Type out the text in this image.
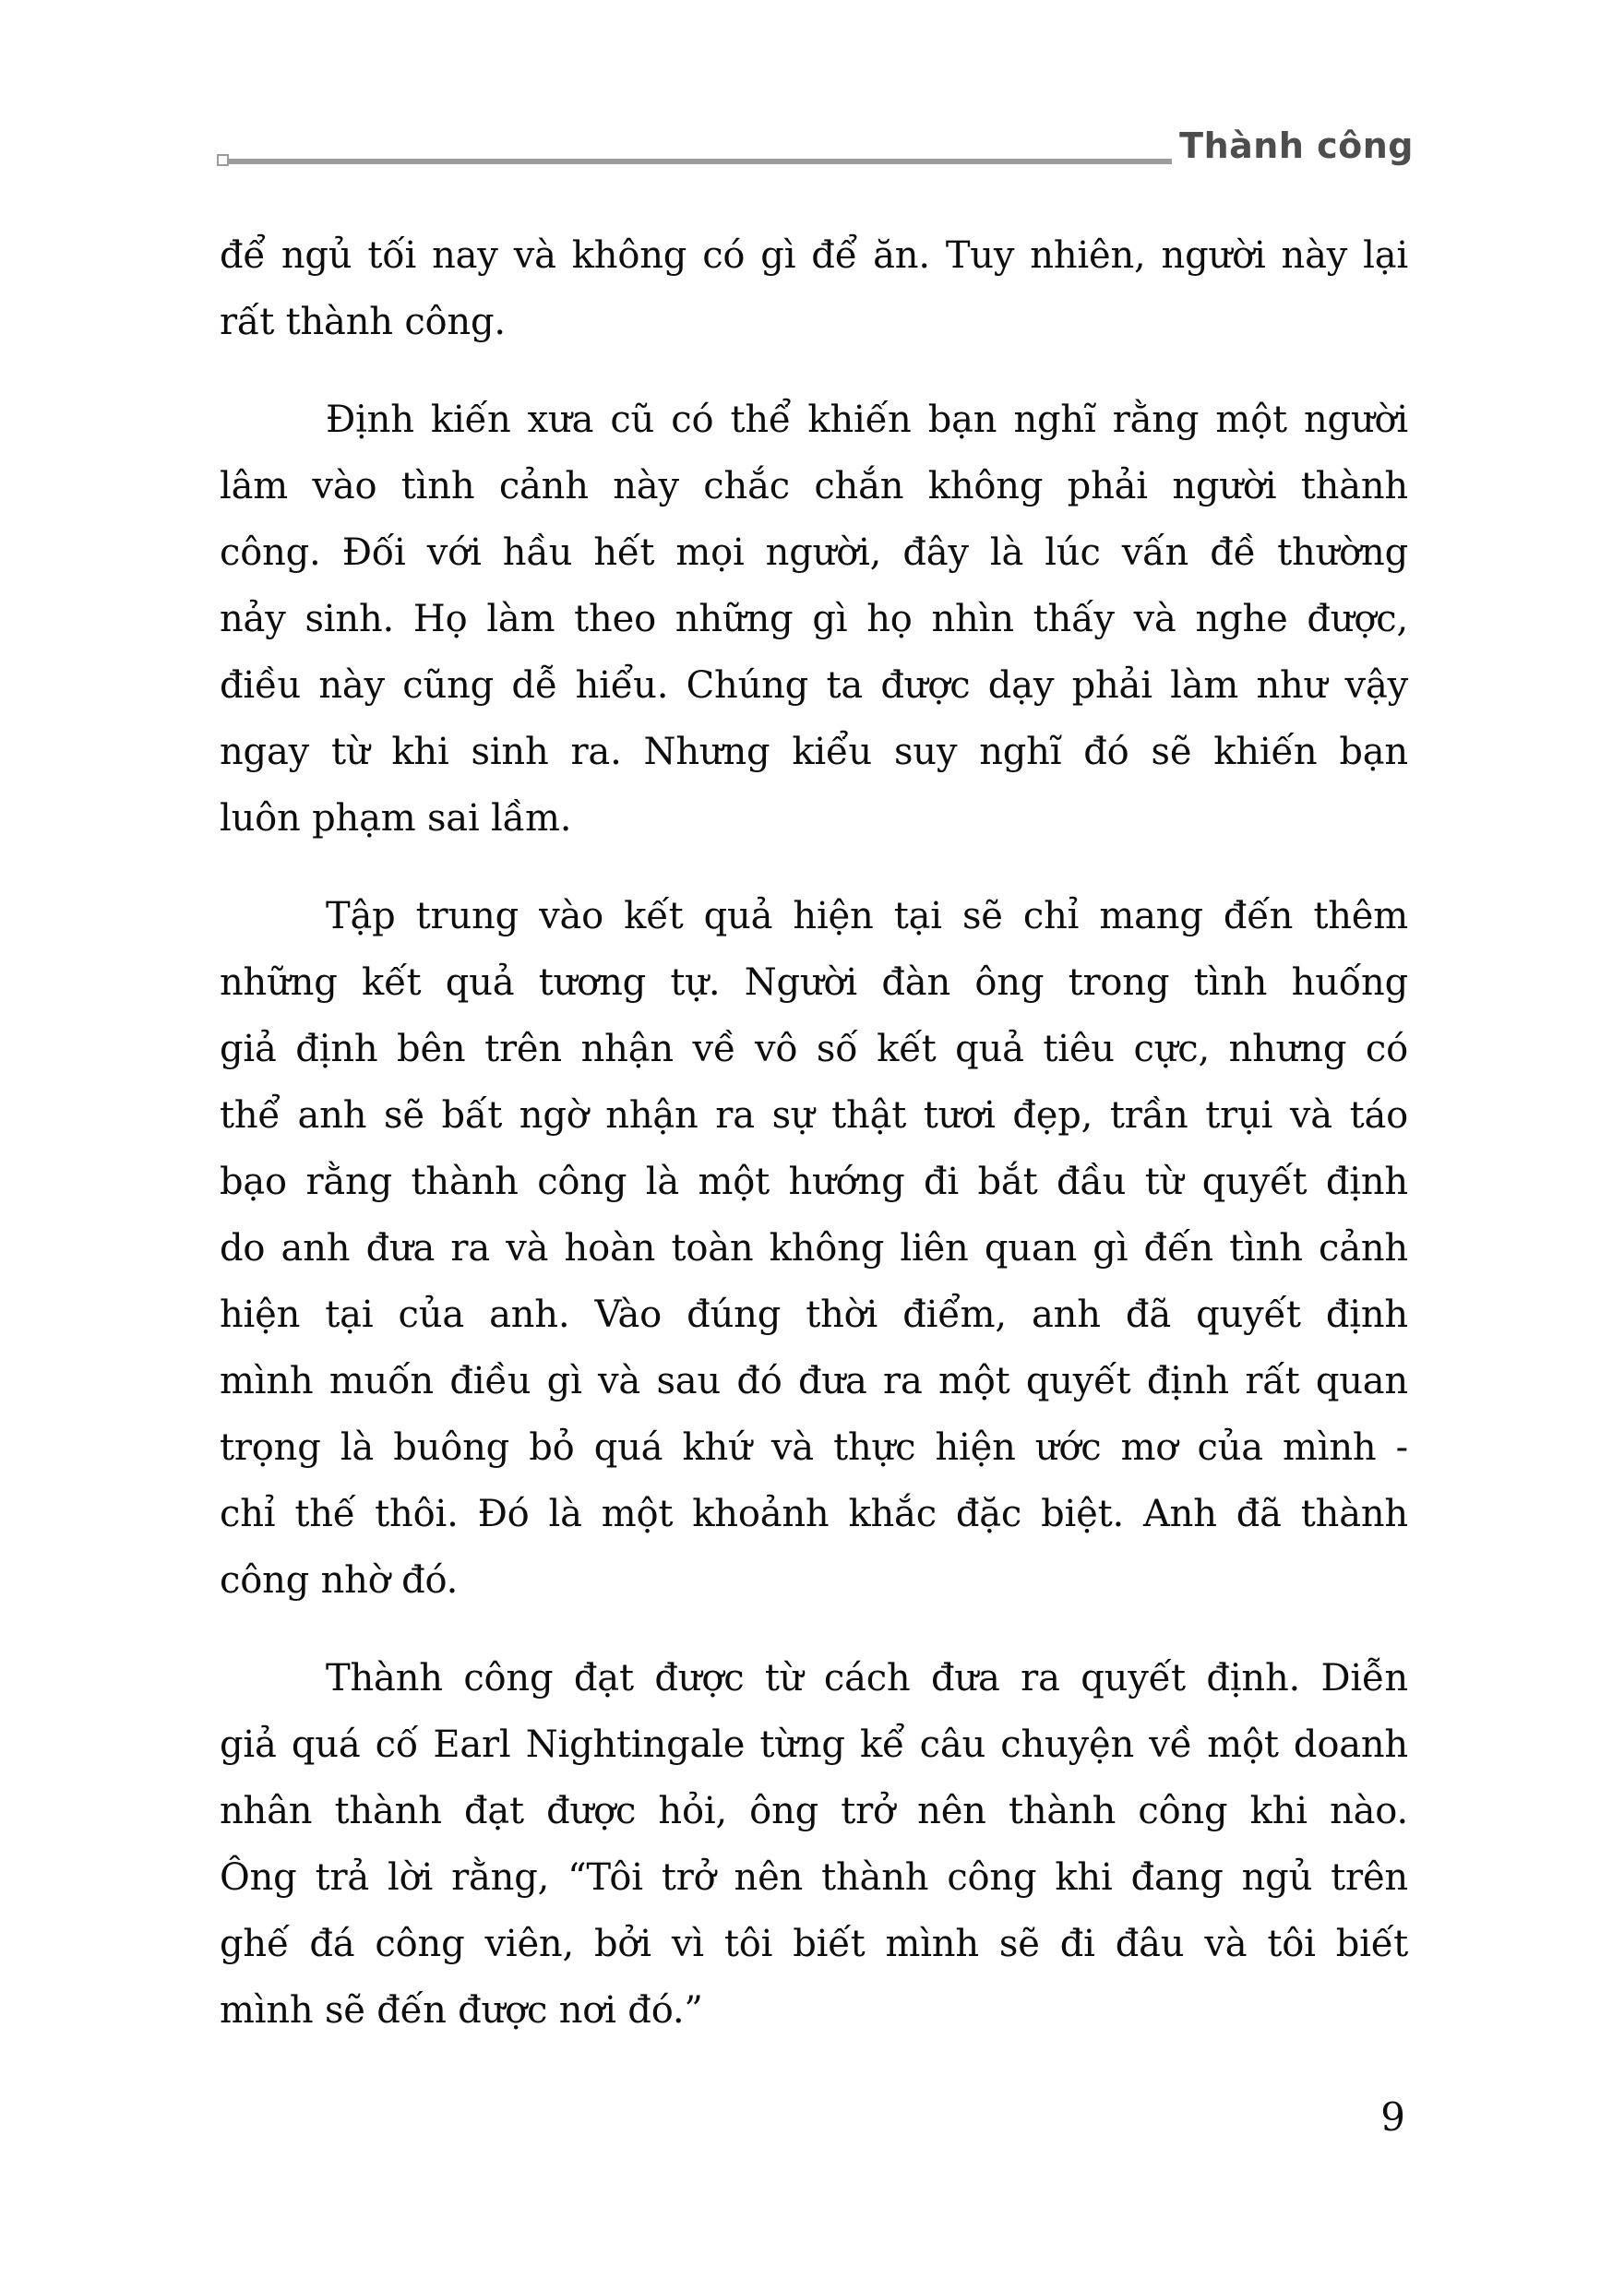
Thành công
để ngủ tối nay và không có gì để ăn. Tuy nhiên, người này lại
rất thành công.
Định kiến xưa cũ có thể khiến bạn nghĩ rằng một người
lâm vào tình cảnh này chắc chắn không phải người thành
công. Đối với hầu hết mọi người, đây là lúc vấn đề thường
nảy sinh. Họ làm theo những gì họ nhìn thấy và nghe được,
điều này cũng dễ hiểu. Chúng ta được dạy phải làm như vậy
ngay từ khi sinh ra. Nhưng kiểu suy nghĩ đó sẽ khiến bạn
luôn phạm sai lầm.
Tập trung vào kết quả hiện tại sẽ chỉ mang đến thêm
những kết quả tương tự. Người đàn ông trong tình huống
giả định bên trên nhận về vô số kết quả tiêu cực, nhưng có
thể anh sẽ bất ngờ nhận ra sự thật tươi đẹp, trần trụi và táo
bạo rằng thành công là một hướng đi bắt đầu từ quyết định
do anh đưa ra và hoàn toàn không liên quan gì đến tình cảnh
hiện tại của anh. Vào đúng thời điểm, anh đã quyết định
mình muốn điều gì và sau đó đưa ra một quyết định rất quan
trọng là buông bỏ quá khứ và thực hiện ước mơ của mình -
chỉ thế thôi. Đó là một khoảnh khắc đặc biệt. Anh đã thành
công nhờ đó.
Thành công đạt được từ cách đưa ra quyết định. Diễn
giả quá cố Earl Nightingale từng kể câu chuyện về một doanh
nhân thành đạt được hỏi, ông trở nên thành công khi nào.
Ông trả lời rằng, “Tôi trở nên thành công khi đang ngủ trên
ghế đá công viên, bởi vì tôi biết mình sẽ đi đâu và tôi biết
mình sẽ đến được nơi đó.”
9
